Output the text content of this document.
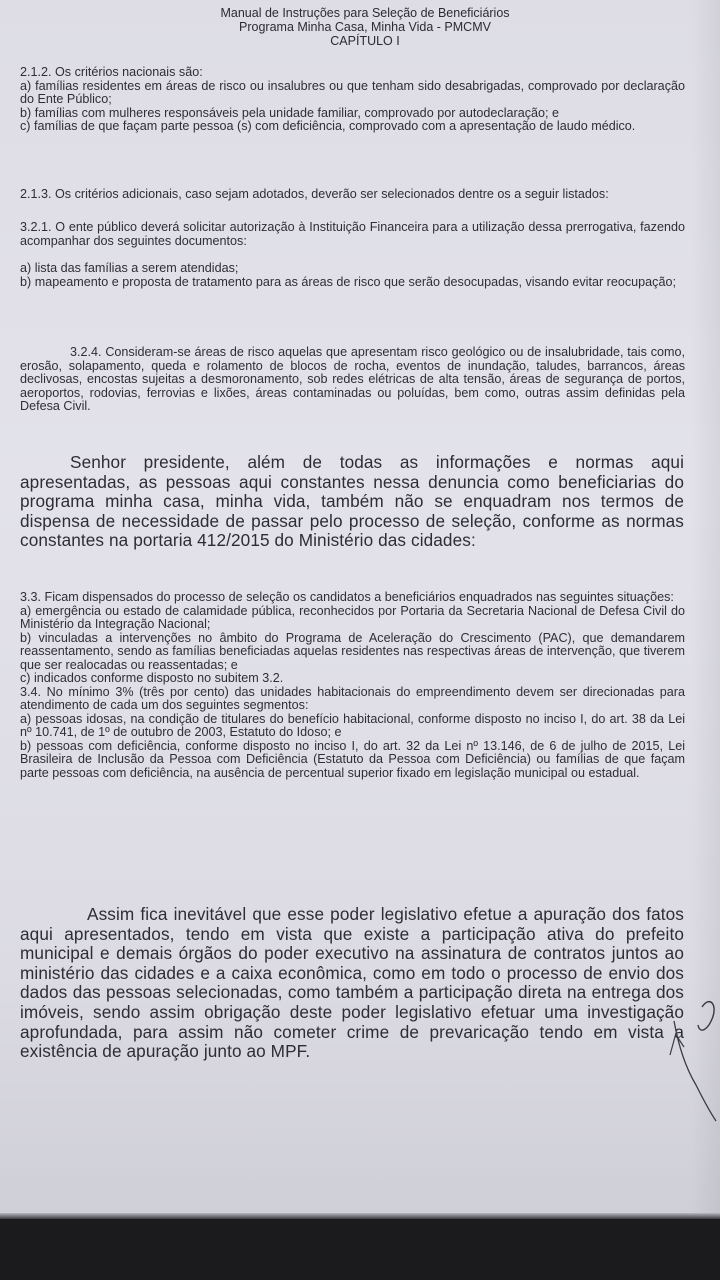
Manual de Instruções para Seleção de Beneficiários
Programa Minha Casa, Minha Vida - PMCMV
CAPÍTULO I

2.1.2. Os critérios nacionais são:

a) famílias residentes em áreas de risco ou insalubres ou que tenham sido desabrigadas, comprovado por declaração do Ente Público;

b) famílias com mulheres responsáveis pela unidade familiar, comprovado por autodeclaração; e

c) famílias de que façam parte pessoa (s) com deficiência, comprovado com a apresentação de laudo médico.

2.1.3. Os critérios adicionais, caso sejam adotados, deverão ser selecionados dentre os a seguir listados:

3.2.1. O ente público deverá solicitar autorização à Instituição Financeira para a utilização dessa prerrogativa, fazendo acompanhar dos seguintes documentos:

a) lista das famílias a serem atendidas;

b) mapeamento e proposta de tratamento para as áreas de risco que serão desocupadas, visando evitar reocupação;

3.2.4. Consideram-se áreas de risco aquelas que apresentam risco geológico ou de insalubridade, tais como, erosão, solapamento, queda e rolamento de blocos de rocha, eventos de inundação, taludes, barrancos, áreas declivosas, encostas sujeitas a desmoronamento, sob redes elétricas de alta tensão, áreas de segurança de portos, aeroportos, rodovias, ferrovias e lixões, áreas contaminadas ou poluídas, bem como, outras assim definidas pela Defesa Civil.

Senhor presidente, além de todas as informações e normas aqui apresentadas, as pessoas aqui constantes nessa denuncia como beneficiarias do programa minha casa, minha vida, também não se enquadram nos termos de dispensa de necessidade de passar pelo processo de seleção, conforme as normas constantes na portaria 412/2015 do Ministério das cidades:

3.3. Ficam dispensados do processo de seleção os candidatos a beneficiários enquadrados nas seguintes situações:

a) emergência ou estado de calamidade pública, reconhecidos por Portaria da Secretaria Nacional de Defesa Civil do Ministério da Integração Nacional;

b) vinculadas a intervenções no âmbito do Programa de Aceleração do Crescimento (PAC), que demandarem reassentamento, sendo as famílias beneficiadas aquelas residentes nas respectivas áreas de intervenção, que tiverem que ser realocadas ou reassentadas; e

c) indicados conforme disposto no subitem 3.2.

3.4. No mínimo 3% (três por cento) das unidades habitacionais do empreendimento devem ser direcionadas para atendimento de cada um dos seguintes segmentos:

a) pessoas idosas, na condição de titulares do benefício habitacional, conforme disposto no inciso I, do art. 38 da Lei nº 10.741, de 1º de outubro de 2003, Estatuto do Idoso; e

b) pessoas com deficiência, conforme disposto no inciso I, do art. 32 da Lei nº 13.146, de 6 de julho de 2015, Lei Brasileira de Inclusão da Pessoa com Deficiência (Estatuto da Pessoa com Deficiência) ou famílias de que façam parte pessoas com deficiência, na ausência de percentual superior fixado em legislação municipal ou estadual.

Assim fica inevitável que esse poder legislativo efetue a apuração dos fatos aqui apresentados, tendo em vista que existe a participação ativa do prefeito municipal e demais órgãos do poder executivo na assinatura de contratos juntos ao ministério das cidades e a caixa econômica, como em todo o processo de envio dos dados das pessoas selecionadas, como também a participação direta na entrega dos imóveis, sendo assim obrigação deste poder legislativo efetuar uma investigação aprofundada, para assim não cometer crime de prevaricação tendo em vista a existência de apuração junto ao MPF.
